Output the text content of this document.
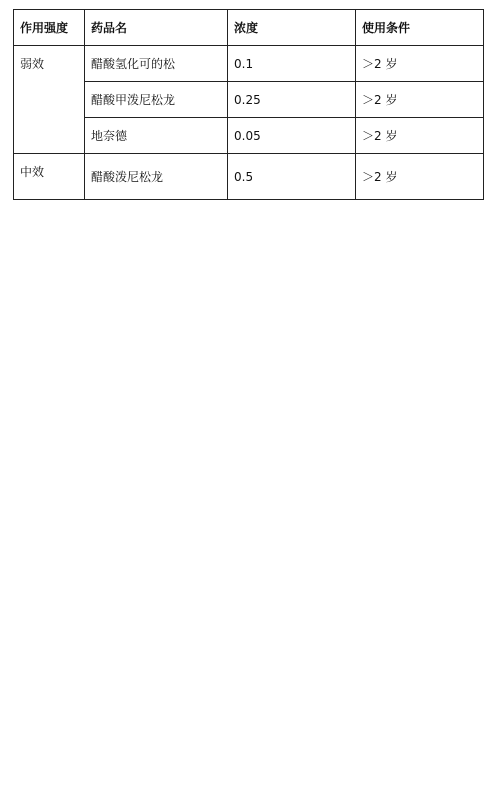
作用强度	药品名	浓度	使用条件
弱效	醋酸氢化可的松	0.1	＞2 岁
	醋酸甲泼尼松龙	0.25	＞2 岁
	地奈德	0.05	＞2 岁
中效	醋酸泼尼松龙	0.5	＞2 岁
